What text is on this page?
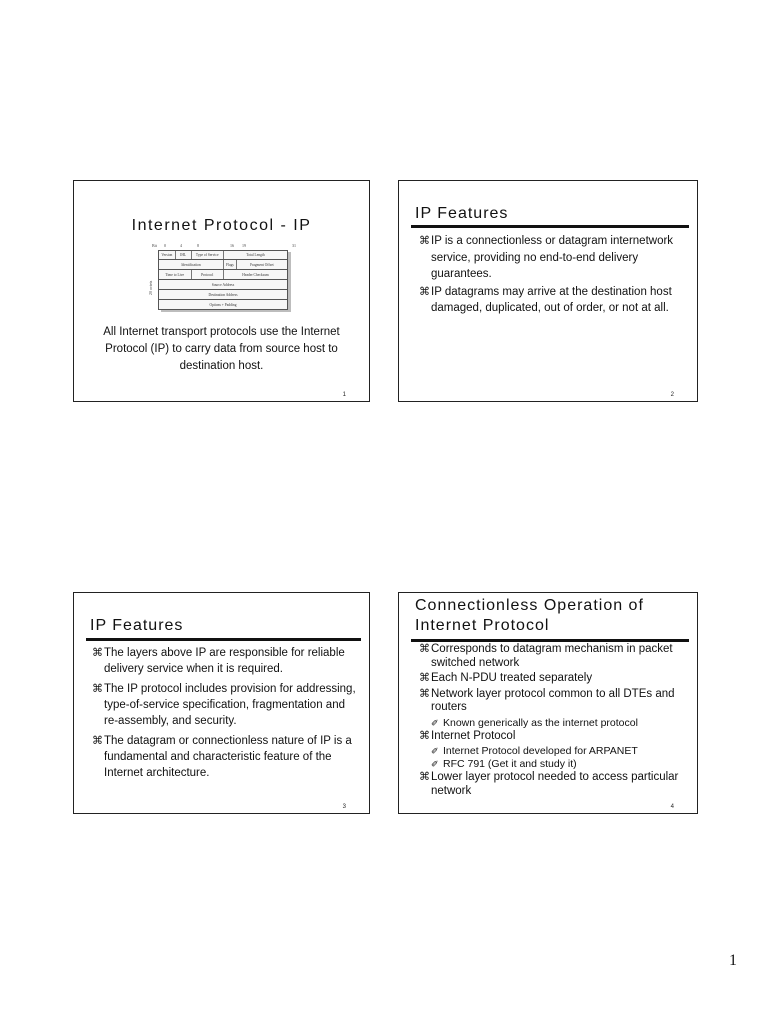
Internet Protocol - IP
Bit 0	4	8	16 19	31
20 octets
Version	IHL	Type of Service	Total Length
Identification	Flags	Fragment Offset
Time to Live	Protocol	Header Checksum
Source Address
Destination Address
Options + Padding
All Internet transport protocols use the Internet Protocol (IP) to carry data from source host to destination host.
1
IP Features
⌘ IP is a connectionless or datagram internetwork service, providing no end-to-end delivery guarantees.
⌘ IP datagrams may arrive at the destination host damaged, duplicated, out of order, or not at all.
2
IP Features
⌘ The layers above IP are responsible for reliable delivery service when it is required.
⌘ The IP protocol includes provision for addressing, type-of-service specification, fragmentation and re-assembly, and security.
⌘ The datagram or connectionless nature of IP is a fundamental and characteristic feature of the Internet architecture.
3
Connectionless Operation of Internet Protocol
⌘ Corresponds to datagram mechanism in packet switched network
⌘ Each N-PDU treated separately
⌘ Network layer protocol common to all DTEs and routers
✐ Known generically as the internet protocol
⌘ Internet Protocol
✐ Internet Protocol developed for ARPANET
✐ RFC 791 (Get it and study it)
⌘ Lower layer protocol needed to access particular network
4
1
